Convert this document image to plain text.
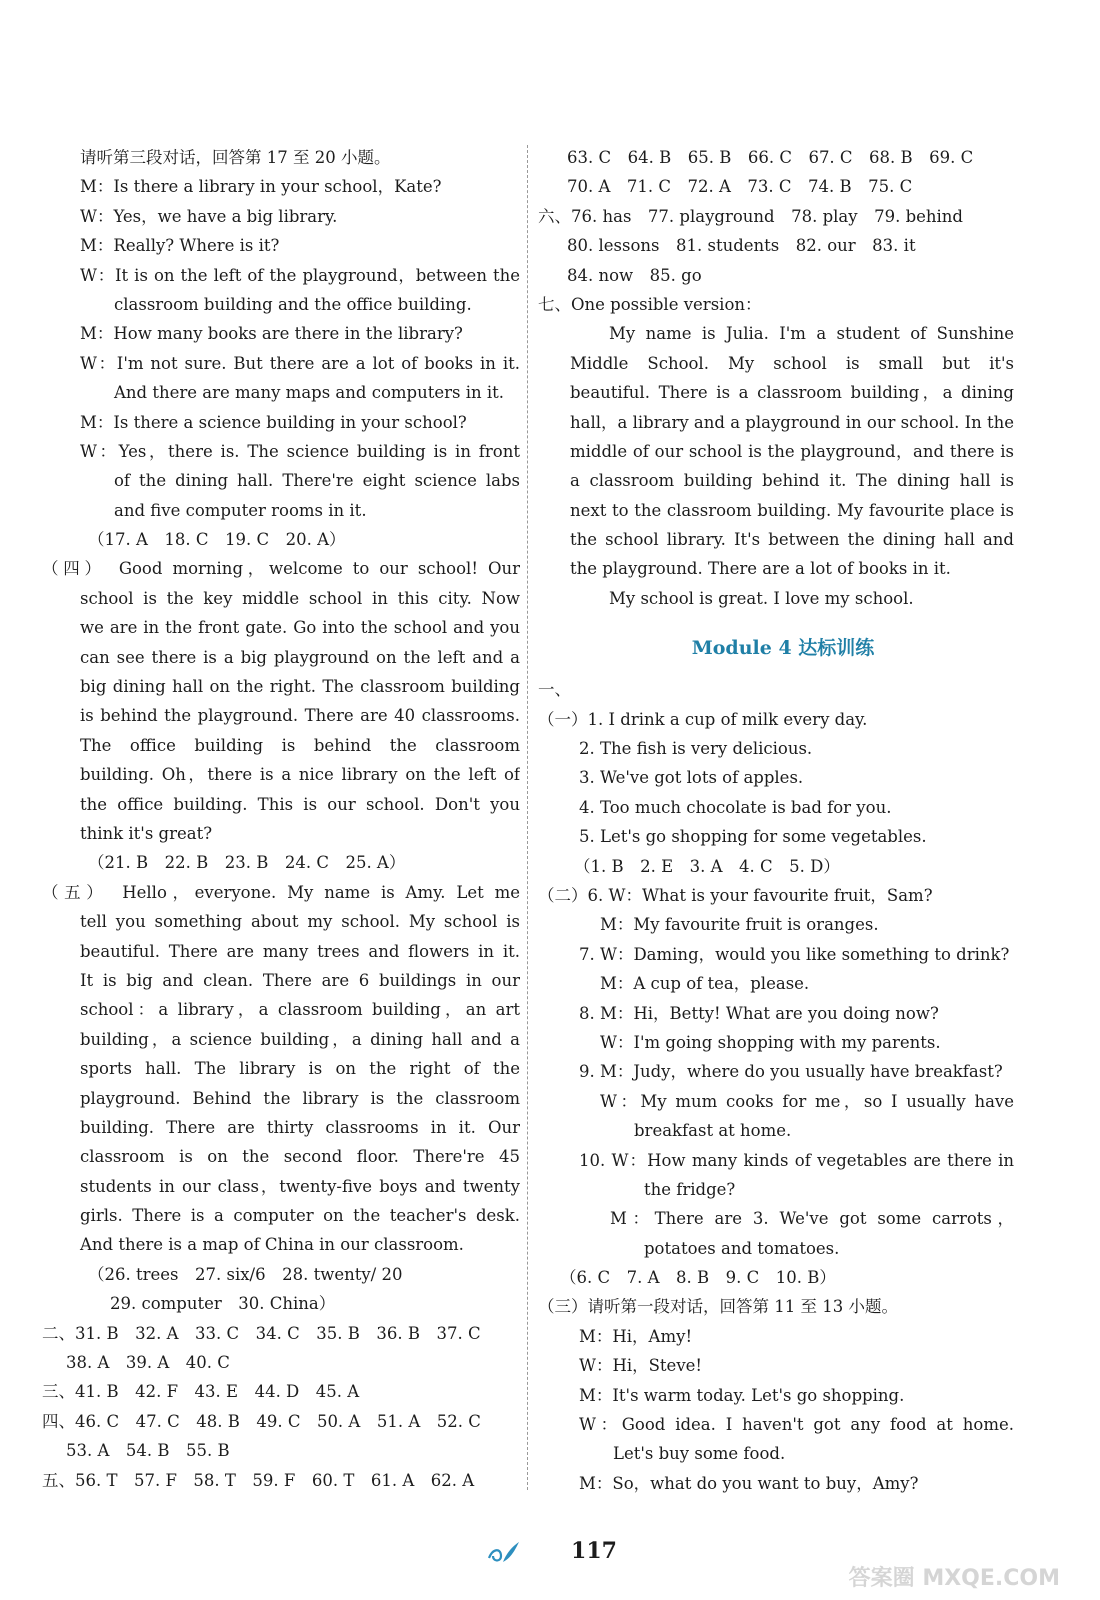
请听第三段对话，回答第 17 至 20 小题。
M：Is there a library in your school，Kate?
W：Yes，we have a big library.
M：Really? Where is it?
W：It is on the left of the playground，between the
classroom building and the office building.
M：How many books are there in the library?
W：I'm not sure. But there are a lot of books in it.
And there are many maps and computers in it.
M：Is there a science building in your school?
W：Yes，there is. The science building is in front
of the dining hall. There're eight science labs
and five computer rooms in it.
（17. A　18. C　19. C　20. A）
（四）　Good morning，welcome to our school! Our
school is the key middle school in this city. Now
we are in the front gate. Go into the school and you
can see there is a big playground on the left and a
big dining hall on the right. The classroom building
is behind the playground. There are 40 classrooms.
The office building is behind the classroom
building. Oh，there is a nice library on the left of
the office building. This is our school. Don't you
think it's great?
（21. B　22. B　23. B　24. C　25. A）
（五）　Hello，everyone. My name is Amy. Let me
tell you something about my school. My school is
beautiful. There are many trees and flowers in it.
It is big and clean. There are 6 buildings in our
school：a library，a classroom building，an art
building，a science building，a dining hall and a
sports hall. The library is on the right of the
playground. Behind the library is the classroom
building. There are thirty classrooms in it. Our
classroom is on the second floor. There're 45
students in our class，twenty-five boys and twenty
girls. There is a computer on the teacher's desk.
And there is a map of China in our classroom.
（26. trees　27. six/6　28. twenty/ 20
29. computer　30. China）
二、31. B　32. A　33. C　34. C　35. B　36. B　37. C
38. A　39. A　40. C
三、41. B　42. F　43. E　44. D　45. A
四、46. C　47. C　48. B　49. C　50. A　51. A　52. C
53. A　54. B　55. B
五、56. T　57. F　58. T　59. F　60. T　61. A　62. A
63. C　64. B　65. B　66. C　67. C　68. B　69. C
70. A　71. C　72. A　73. C　74. B　75. C
六、76. has　77. playground　78. play　79. behind
80. lessons　81. students　82. our　83. it
84. now　85. go
七、One possible version：
My name is Julia. I'm a student of Sunshine
Middle School. My school is small but it's
beautiful. There is a classroom building，a dining
hall，a library and a playground in our school. In the
middle of our school is the playground，and there is
a classroom building behind it. The dining hall is
next to the classroom building. My favourite place is
the school library. It's between the dining hall and
the playground. There are a lot of books in it.
My school is great. I love my school.
Module 4 达标训练
一、
（一）1. I drink a cup of milk every day.
2. The fish is very delicious.
3. We've got lots of apples.
4. Too much chocolate is bad for you.
5. Let's go shopping for some vegetables.
（1. B　2. E　3. A　4. C　5. D）
（二）6. W：What is your favourite fruit，Sam?
M：My favourite fruit is oranges.
7. W：Daming，would you like something to drink?
M：A cup of tea，please.
8. M：Hi，Betty! What are you doing now?
W：I'm going shopping with my parents.
9. M：Judy，where do you usually have breakfast?
W：My mum cooks for me，so I usually have
breakfast at home.
10. W：How many kinds of vegetables are there in
the fridge?
M：There are 3. We've got some carrots，
potatoes and tomatoes.
（6. C　7. A　8. B　9. C　10. B）
（三）请听第一段对话，回答第 11 至 13 小题。
M：Hi，Amy!
W：Hi，Steve!
M：It's warm today. Let's go shopping.
W：Good idea. I haven't got any food at home.
Let's buy some food.
M：So，what do you want to buy，Amy?
117
答案圈 MXQE.COM
